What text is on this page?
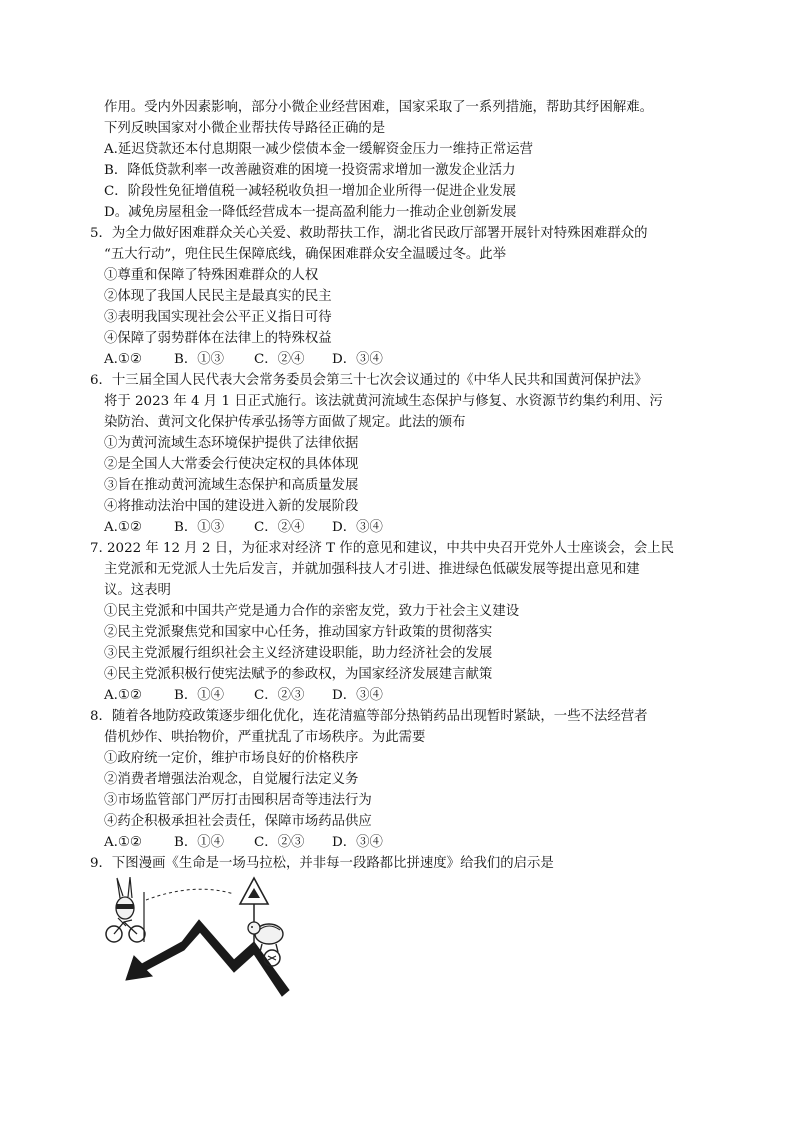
作用。受内外因素影响，部分小微企业经营困难，国家采取了一系列措施，帮助其纾困解难。
下列反映国家对小微企业帮扶传导路径正确的是
A.延迟贷款还本付息期限一减少偿债本金一缓解资金压力一维持正常运营
B．降低贷款利率一改善融资难的困境一投资需求增加一激发企业活力
C．阶段性免征增值税一减轻税收负担一增加企业所得一促进企业发展
D。减免房屋租金一降低经营成本一提高盈利能力一推动企业创新发展
5．为全力做好困难群众关心关爱、救助帮扶工作，湖北省民政厅部署开展针对特殊困难群众的
“五大行动”，兜住民生保障底线，确保困难群众安全温暖过冬。此举
①尊重和保障了特殊困难群众的人权
②体现了我国人民民主是最真实的民主
③表明我国实现社会公平正义指日可待
④保障了弱势群体在法律上的特殊权益
A.①② B．①③ C．②④ D．③④
6．十三届全国人民代表大会常务委员会第三十七次会议通过的《中华人民共和国黄河保护法》
将于 2023 年 4 月 1 日正式施行。该法就黄河流域生态保护与修复、水资源节约集约利用、污
染防治、黄河文化保护传承弘扬等方面做了规定。此法的颁布
①为黄河流域生态环境保护提供了法律依据
②是全国人大常委会行使决定权的具体体现
③旨在推动黄河流域生态保护和高质量发展
④将推动法治中国的建设进入新的发展阶段
A.①② B．①③ C．②④ D．③④
7. 2022 年 12 月 2 日，为征求对经济 T 作的意见和建议，中共中央召开党外人士座谈会，会上民
主党派和无党派人士先后发言，并就加强科技人才引进、推进绿色低碳发展等提出意见和建
议。这表明
①民主党派和中国共产党是通力合作的亲密友党，致力于社会主义建设
②民主党派聚焦党和国家中心任务，推动国家方针政策的贯彻落实
③民主党派履行组织社会主义经济建设职能，助力经济社会的发展
④民主党派积极行使宪法赋予的参政权，为国家经济发展建言献策
A.①② B．①④ C．②③ D．③④
8．随着各地防疫政策逐步细化优化，连花清瘟等部分热销药品出现暂时紧缺，一些不法经营者
借机炒作、哄抬物价，严重扰乱了市场秩序。为此需要
①政府统一定价，维护市场良好的价格秩序
②消费者增强法治观念，自觉履行法定义务
③市场监管部门严厉打击囤积居奇等违法行为
④药企积极承担社会责任，保障市场药品供应
A.①② B．①④ C．②③ D．③④
9．下图漫画《生命是一场马拉松，并非每一段路都比拼速度》给我们的启示是
